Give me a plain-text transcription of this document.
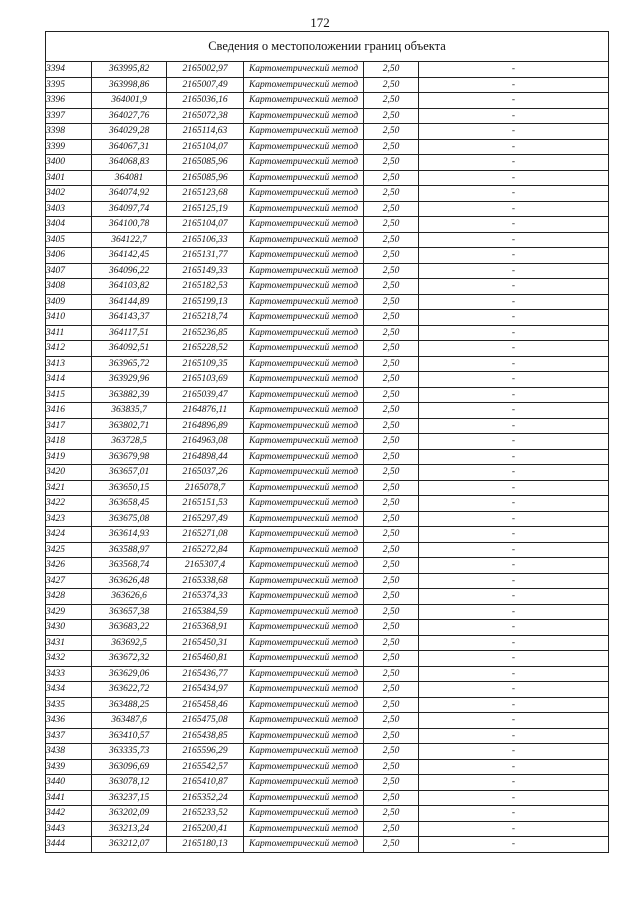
172
Сведения о местоположении границ объекта					
3394	363995,82	2165002,97	Картометрический метод	2,50	-
3395	363998,86	2165007,49	Картометрический метод	2,50	-
3396	364001,9	2165036,16	Картометрический метод	2,50	-
3397	364027,76	2165072,38	Картометрический метод	2,50	-
3398	364029,28	2165114,63	Картометрический метод	2,50	-
3399	364067,31	2165104,07	Картометрический метод	2,50	-
3400	364068,83	2165085,96	Картометрический метод	2,50	-
3401	364081	2165085,96	Картометрический метод	2,50	-
3402	364074,92	2165123,68	Картометрический метод	2,50	-
3403	364097,74	2165125,19	Картометрический метод	2,50	-
3404	364100,78	2165104,07	Картометрический метод	2,50	-
3405	364122,7	2165106,33	Картометрический метод	2,50	-
3406	364142,45	2165131,77	Картометрический метод	2,50	-
3407	364096,22	2165149,33	Картометрический метод	2,50	-
3408	364103,82	2165182,53	Картометрический метод	2,50	-
3409	364144,89	2165199,13	Картометрический метод	2,50	-
3410	364143,37	2165218,74	Картометрический метод	2,50	-
3411	364117,51	2165236,85	Картометрический метод	2,50	-
3412	364092,51	2165228,52	Картометрический метод	2,50	-
3413	363965,72	2165109,35	Картометрический метод	2,50	-
3414	363929,96	2165103,69	Картометрический метод	2,50	-
3415	363882,39	2165039,47	Картометрический метод	2,50	-
3416	363835,7	2164876,11	Картометрический метод	2,50	-
3417	363802,71	2164896,89	Картометрический метод	2,50	-
3418	363728,5	2164963,08	Картометрический метод	2,50	-
3419	363679,98	2164898,44	Картометрический метод	2,50	-
3420	363657,01	2165037,26	Картометрический метод	2,50	-
3421	363650,15	2165078,7	Картометрический метод	2,50	-
3422	363658,45	2165151,53	Картометрический метод	2,50	-
3423	363675,08	2165297,49	Картометрический метод	2,50	-
3424	363614,93	2165271,08	Картометрический метод	2,50	-
3425	363588,97	2165272,84	Картометрический метод	2,50	-
3426	363568,74	2165307,4	Картометрический метод	2,50	-
3427	363626,48	2165338,68	Картометрический метод	2,50	-
3428	363626,6	2165374,33	Картометрический метод	2,50	-
3429	363657,38	2165384,59	Картометрический метод	2,50	-
3430	363683,22	2165368,91	Картометрический метод	2,50	-
3431	363692,5	2165450,31	Картометрический метод	2,50	-
3432	363672,32	2165460,81	Картометрический метод	2,50	-
3433	363629,06	2165436,77	Картометрический метод	2,50	-
3434	363622,72	2165434,97	Картометрический метод	2,50	-
3435	363488,25	2165458,46	Картометрический метод	2,50	-
3436	363487,6	2165475,08	Картометрический метод	2,50	-
3437	363410,57	2165438,85	Картометрический метод	2,50	-
3438	363335,73	2165596,29	Картометрический метод	2,50	-
3439	363096,69	2165542,57	Картометрический метод	2,50	-
3440	363078,12	2165410,87	Картометрический метод	2,50	-
3441	363237,15	2165352,24	Картометрический метод	2,50	-
3442	363202,09	2165233,52	Картометрический метод	2,50	-
3443	363213,24	2165200,41	Картометрический метод	2,50	-
3444	363212,07	2165180,13	Картометрический метод	2,50	-
